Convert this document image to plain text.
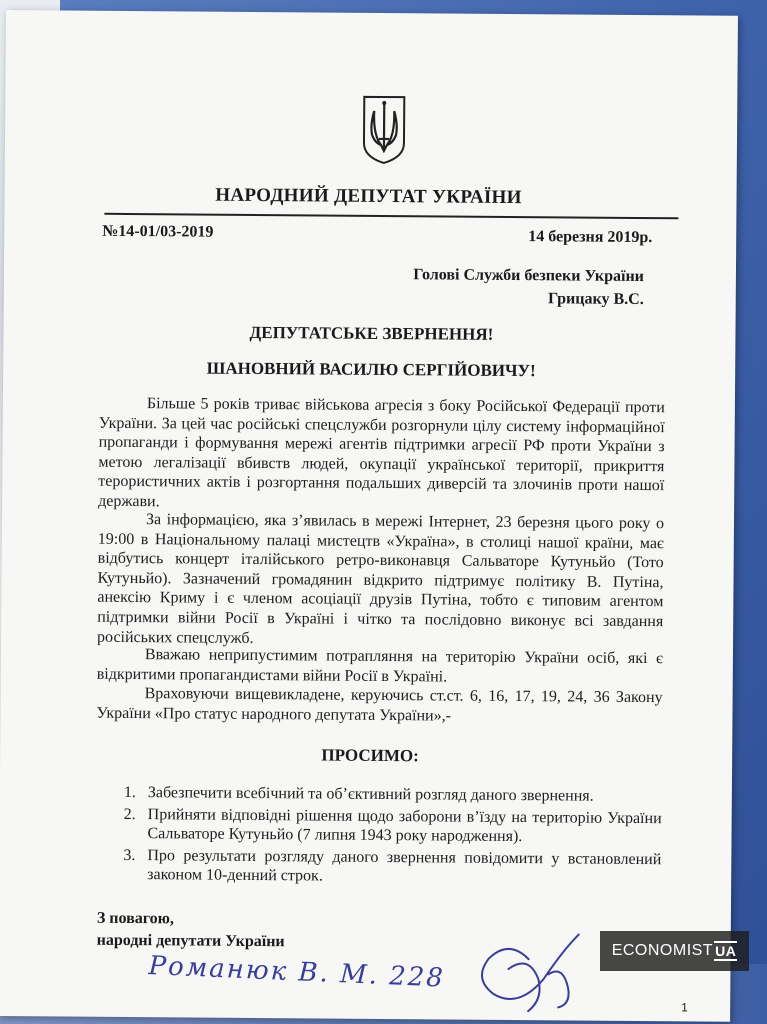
НАРОДНИЙ ДЕПУТАТ УКРАЇНИ
№14-01/03-2019	14 березня 2019р.
Голові Служби безпеки України
Грицаку В.С.
ДЕПУТАТСЬКЕ ЗВЕРНЕННЯ!
ШАНОВНИЙ ВАСИЛЮ СЕРГІЙОВИЧУ!

Більше 5 років триває військова агресія з боку Російської Федерації проти України. За цей час російські спецслужби розгорнули цілу систему інформаційної пропаганди і формування мережі агентів підтримки агресії РФ проти України з метою легалізації вбивств людей, окупації української території, прикриття терористичних актів і розгортання подальших диверсій та злочинів проти нашої держави.

За інформацією, яка з’явилась в мережі Інтернет, 23 березня цього року о 19:00 в Національному палаці мистецтв «Україна», в столиці нашої країни, має відбутись концерт італійського ретро-виконавця Сальваторе Кутуньйо (Тото Кутуньйо). Зазначений громадянин відкрито підтримує політику В. Путіна, анексію Криму і є членом асоціації друзів Путіна, тобто є типовим агентом підтримки війни Росії в Україні і чітко та послідовно виконує всі завдання російських спецслужб.

Вважаю неприпустимим потрапляння на територію України осіб, які є відкритими пропагандистами війни Росії в Україні.

Враховуючи вищевикладене, керуючись ст.ст. 6, 16, 17, 19, 24, 36 Закону України «Про статус народного депутата України»,-

ПРОСИМО:
1. Забезпечити всебічний та об’єктивний розгляд даного звернення.
2. Прийняти відповідні рішення щодо заборони в’їзду на територію України Сальваторе Кутуньйо (7 липня 1943 року народження).
3. Про результати розгляду даного звернення повідомити у встановлений законом 10-денний строк.
З повагою,
народні депутати України
Романюк В. М. 228
1
ECONOMIST UA
